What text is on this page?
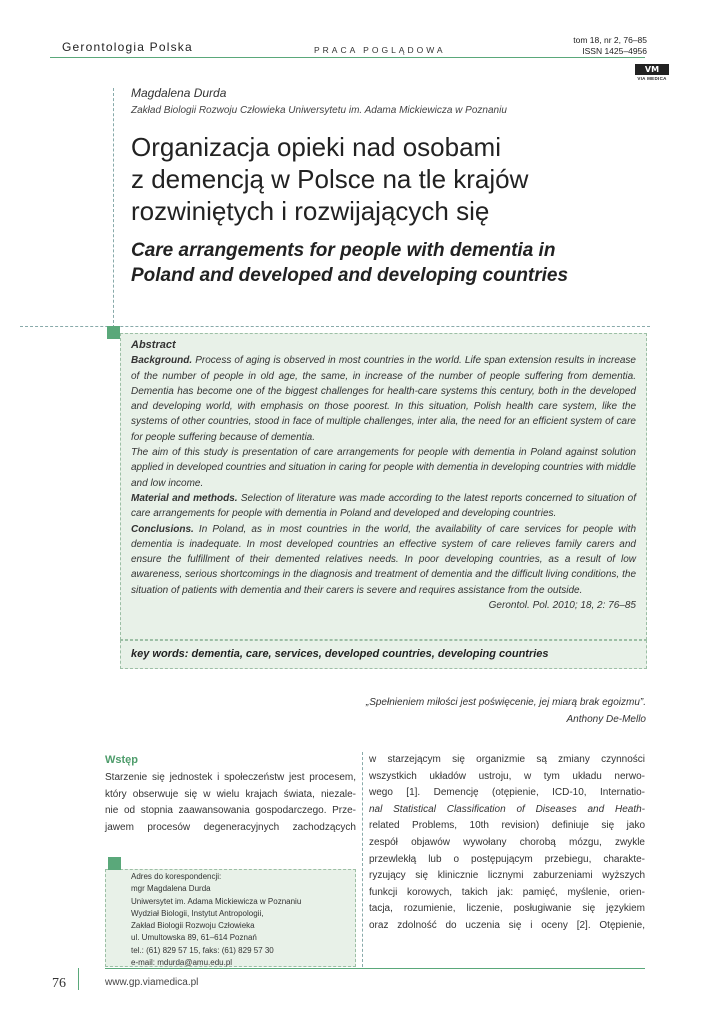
Gerontologia Polska	PRACA POGLĄDOWA
tom 18, nr 2, 76–85
ISSN 1425–4956
VM
VIA MEDICA
Magdalena Durda
Zakład Biologii Rozwoju Człowieka Uniwersytetu im. Adama Mickiewicza w Poznaniu
Organizacja opieki nad osobami
z demencją w Polsce na tle krajów
rozwiniętych i rozwijających się
Care arrangements for people with dementia in
Poland and developed and developing countries

Abstract

Background. Process of aging is observed in most countries in the world. Life span extension results in increase of the number of people in old age, the same, in increase of the number of people suffering from dementia. Dementia has become one of the biggest challenges for health-care systems this century, both in the developed and developing world, with emphasis on those poorest. In this situation, Polish health care system, like the systems of other countries, stood in face of multiple challenges, inter alia, the need for an efficient system of care for people suffering because of dementia.

The aim of this study is presentation of care arrangements for people with dementia in Poland against solution applied in developed countries and situation in caring for people with dementia in developing countries with middle and low income.

Material and methods. Selection of literature was made according to the latest reports concerned to situation of care arrangements for people with dementia in Poland and developed and developing countries.

Conclusions. In Poland, as in most countries in the world, the availability of care services for people with dementia is inadequate. In most developed countries an effective system of care relieves family carers and ensure the fulfillment of their demented relatives needs. In poor developing countries, as a result of low awareness, serious shortcomings in the diagnosis and treatment of dementia and the difficult living conditions, the situation of patients with dementia and their carers is severe and requires assistance from the outside.

Gerontol. Pol. 2010; 18, 2: 76–85

key words: dementia, care, services, developed countries, developing countries
„Spełnieniem miłości jest poświęcenie, jej miarą brak egoizmu”.
Anthony De-Mello
Wstęp
Starzenie się jednostek i społeczeństw jest procesem,
który obserwuje się w wielu krajach świata, niezale-
nie od stopnia zaawansowania gospodarczego. Prze-
jawem procesów degeneracyjnych zachodzących
w starzejącym się organizmie są zmiany czynności
wszystkich układów ustroju, w tym układu nerwo-
wego [1]. Demencję (otępienie, ICD-10, Internatio-
nal Statistical Classification of Diseases and Heath-
related Problems, 10th revision) definiuje się jako
zespół objawów wywołany chorobą mózgu, zwykle
przewlekłą lub o postępującym przebiegu, charakte-
ryzujący się klinicznie licznymi zaburzeniami wyższych
funkcji korowych, takich jak: pamięć, myślenie, orien-
tacja, rozumienie, liczenie, posługiwanie się językiem
oraz zdolność do uczenia się i oceny [2]. Otępienie,
Adres do korespondencji:
mgr Magdalena Durda
Uniwersytet im. Adama Mickiewicza w Poznaniu
Wydział Biologii, Instytut Antropologii,
Zakład Biologii Rozwoju Człowieka
ul. Umultowska 89, 61–614 Poznań
tel.: (61) 829 57 15, faks: (61) 829 57 30
e-mail: mdurda@amu.edu.pl
76	www.gp.viamedica.pl
